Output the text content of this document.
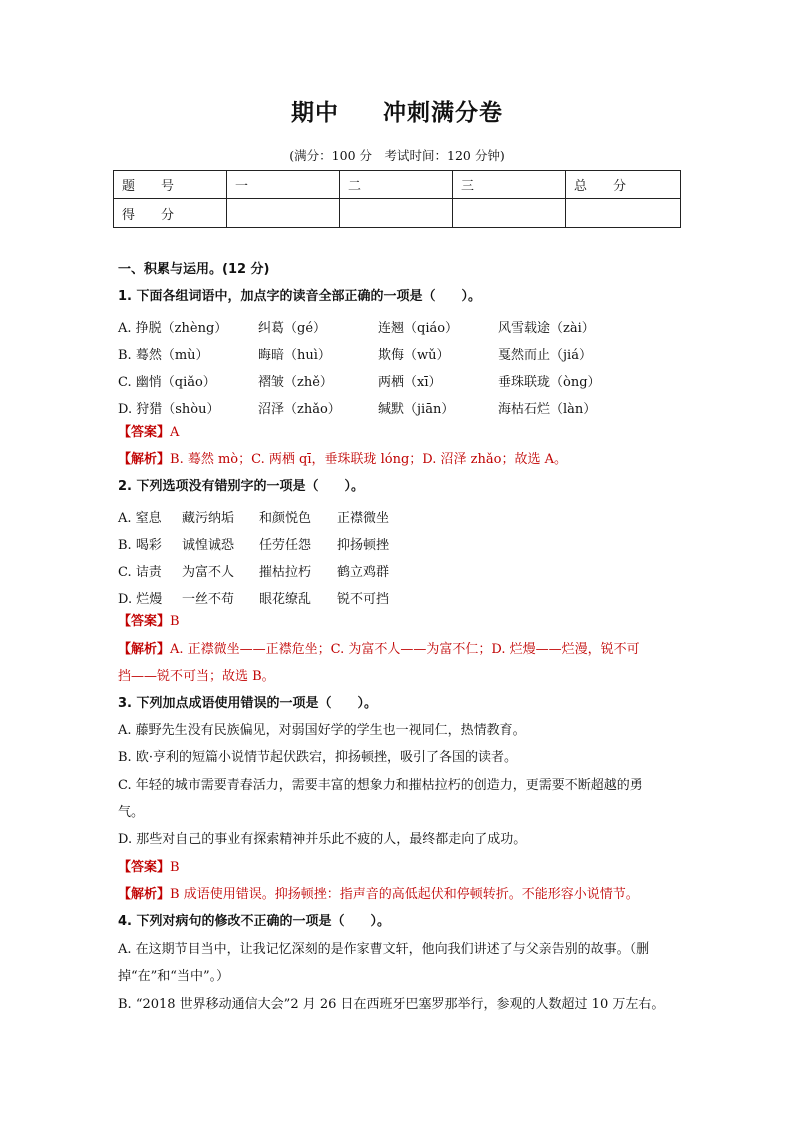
期中 冲刺满分卷
(满分：100 分　考试时间：120 分钟)
题　　号	一	二	三	总　　分
得　　分				
一、积累与运用。(12 分)
1. 下面各组词语中，加点字的读音全部正确的一项是（　　）。
A. 挣脱（zhèng） 纠葛（gé）	连翘（qiáo）	风雪载途（zài）
B. 蓦然（mù）	晦暗（huì）	欺侮（wǔ）	戛然而止（jiá）
C. 幽悄（qiǎo）	褶皱（zhě）	两栖（xī）	垂珠联珑（òng）
D. 狩猎（shòu）	沼泽（zhǎo）	缄默（jiān）	海枯石烂（làn）
【答案】A
【解析】B. 蓦然 mò；C. 两栖 qī，垂珠联珑 lóng；D. 沼泽 zhǎo；故选 A。
2. 下列选项没有错别字的一项是（　　）。
A. 窒息 藏污纳垢 和颜悦色 正襟微坐
B. 喝彩 诚惶诚恐 任劳任怨 抑扬顿挫
C. 诘责 为富不人 摧枯拉朽 鹤立鸡群
D. 烂熳 一丝不苟 眼花缭乱 锐不可挡
【答案】B
【解析】A. 正襟微坐——正襟危坐；C. 为富不人——为富不仁；D. 烂熳——烂漫，锐不可
挡——锐不可当；故选 B。
3. 下列加点成语使用错误的一项是（　　）。
A. 藤野先生没有民族偏见，对弱国好学的学生也一视同仁，热情教育。
B. 欧·亨利的短篇小说情节起伏跌宕，抑扬顿挫，吸引了各国的读者。
C. 年轻的城市需要青春活力，需要丰富的想象力和摧枯拉朽的创造力，更需要不断超越的勇
气。
D. 那些对自己的事业有探索精神并乐此不疲的人，最终都走向了成功。
【答案】B
【解析】B 成语使用错误。抑扬顿挫：指声音的高低起伏和停顿转折。不能形容小说情节。
4. 下列对病句的修改不正确的一项是（　　）。
A. 在这期节目当中，让我记忆深刻的是作家曹文轩，他向我们讲述了与父亲告别的故事。（删
掉“在”和“当中”。）
B. “2018 世界移动通信大会”2 月 26 日在西班牙巴塞罗那举行，参观的人数超过 10 万左右。
